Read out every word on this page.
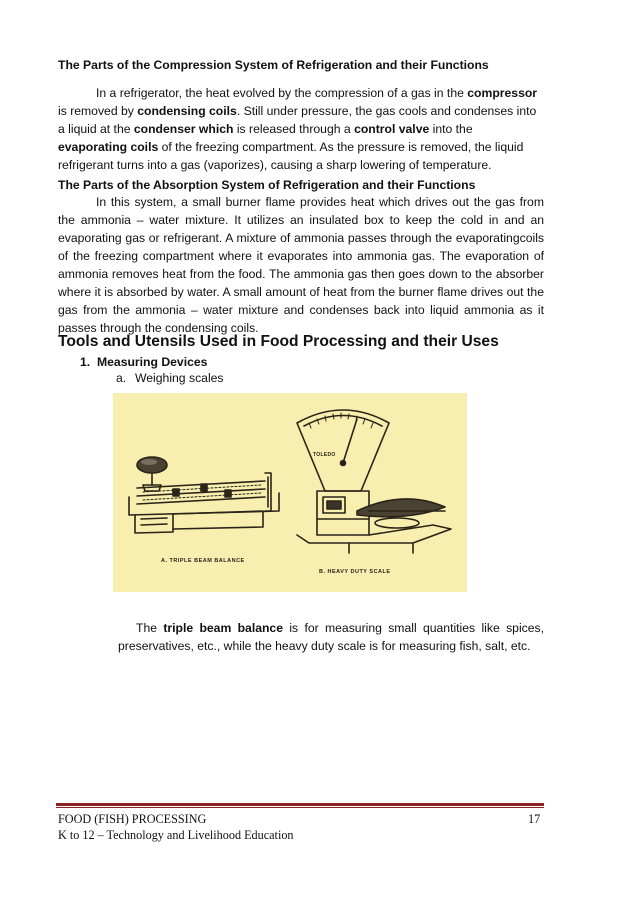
The Parts of the Compression System of Refrigeration and their Functions
In a refrigerator, the heat evolved by the compression of a gas in the compressor is removed by condensing coils. Still under pressure, the gas cools and condenses into a liquid at the condenser which is released through a control valve into the evaporating coils of the freezing compartment. As the pressure is removed, the liquid refrigerant turns into a gas (vaporizes), causing a sharp lowering of temperature.
The Parts of the Absorption System of Refrigeration and their Functions
In this system, a small burner flame provides heat which drives out the gas from the ammonia – water mixture. It utilizes an insulated box to keep the cold in and an evaporating gas or refrigerant. A mixture of ammonia passes through the evaporatingcoils of the freezing compartment where it evaporates into ammonia gas. The evaporation of ammonia removes heat from the food. The ammonia gas then goes down to the absorber where it is absorbed by water. A small amount of heat from the burner flame drives out the gas from the ammonia – water mixture and condenses back into liquid ammonia as it passes through the condensing coils.
Tools and Utensils Used in Food Processing and their Uses
1. Measuring Devices
a. Weighing scales
TOLEDO
A. TRIPLE BEAM BALANCE
B. HEAVY DUTY SCALE
The triple beam balance is for measuring small quantities like spices, preservatives, etc., while the heavy duty scale is for measuring fish, salt, etc.
FOOD (FISH) PROCESSING
K to 12 – Technology and Livelihood Education
17
